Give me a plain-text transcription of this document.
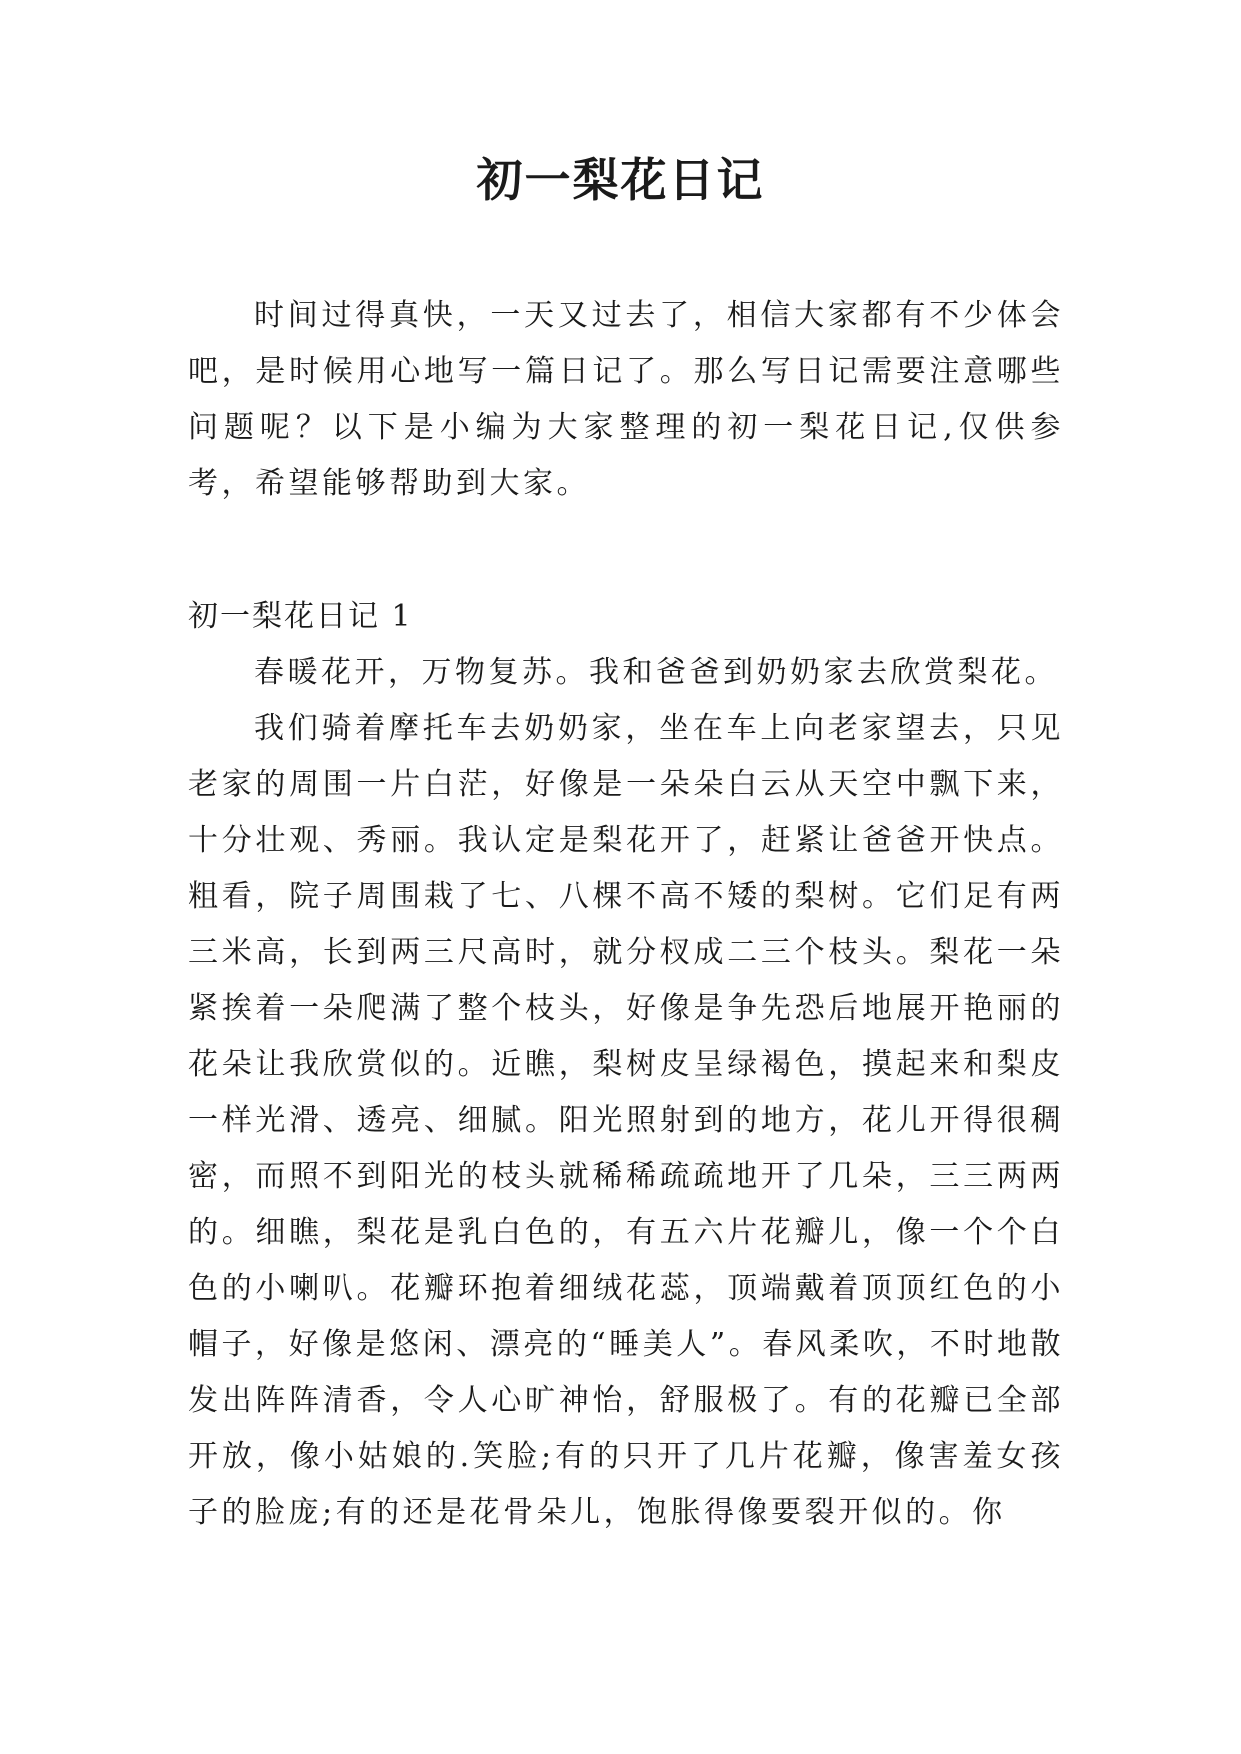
初一梨花日记

时间过得真快，一天又过去了，相信大家都有不少体会吧，是时候用心地写一篇日记了。那么写日记需要注意哪些问题呢？以下是小编为大家整理的初一梨花日记,仅供参考，希望能够帮助到大家。

初一梨花日记 1

春暖花开，万物复苏。我和爸爸到奶奶家去欣赏梨花。

我们骑着摩托车去奶奶家，坐在车上向老家望去，只见老家的周围一片白茫，好像是一朵朵白云从天空中飘下来，十分壮观、秀丽。我认定是梨花开了，赶紧让爸爸开快点。粗看，院子周围栽了七、八棵不高不矮的梨树。它们足有两三米高，长到两三尺高时，就分杈成二三个枝头。梨花一朵紧挨着一朵爬满了整个枝头，好像是争先恐后地展开艳丽的花朵让我欣赏似的。近瞧，梨树皮呈绿褐色，摸起来和梨皮一样光滑、透亮、细腻。阳光照射到的地方，花儿开得很稠密，而照不到阳光的枝头就稀稀疏疏地开了几朵，三三两两的。细瞧，梨花是乳白色的，有五六片花瓣儿，像一个个白色的小喇叭。花瓣环抱着细绒花蕊，顶端戴着顶顶红色的小帽子，好像是悠闲、漂亮的“睡美人”。春风柔吹，不时地散发出阵阵清香，令人心旷神怡，舒服极了。有的花瓣已全部开放，像小姑娘的.笑脸;有的只开了几片花瓣，像害羞女孩子的脸庞;有的还是花骨朵儿，饱胀得像要裂开似的。你
